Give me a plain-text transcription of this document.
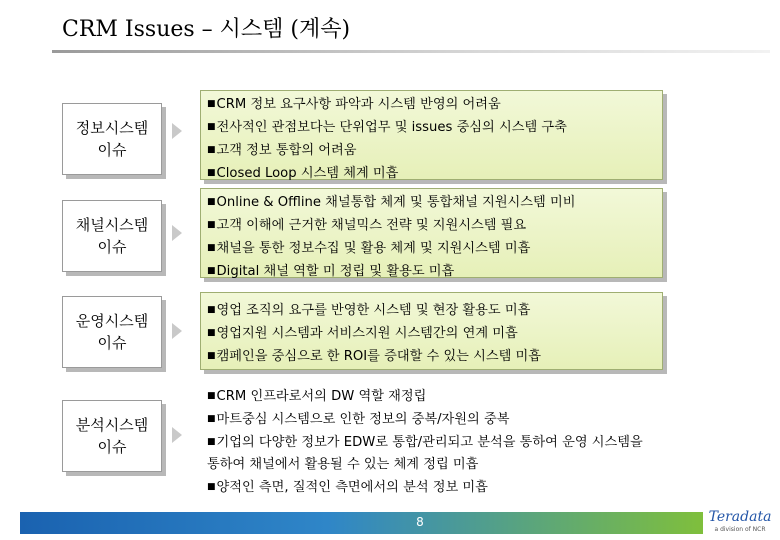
CRM Issues – 시스템 (계속)
정보시스템
이슈
■CRM 정보 요구사항 파악과 시스템 반영의 어려움
■전사적인 관점보다는 단위업무 및 issues 중심의 시스템 구축
■고객 정보 통합의 어려움
■Closed Loop 시스템 체계 미흡
채널시스템
이슈
■Online & Offline 채널통합 체계 및 통합채널 지원시스템 미비
■고객 이해에 근거한 채널믹스 전략 및 지원시스템 필요
■채널을 통한 정보수집 및 활용 체계 및 지원시스템 미흡
■Digital 채널 역할 미 정립 및 활용도 미흡
운영시스템
이슈
■영업 조직의 요구를 반영한 시스템 및 현장 활용도 미흡
■영업지원 시스템과 서비스지원 시스템간의 연계 미흡
■캠페인을 중심으로 한 ROI를 증대할 수 있는 시스템 미흡
분석시스템
이슈
■CRM 인프라로서의 DW 역할 재정립
■마트중심 시스템으로 인한 정보의 중복/자원의 중복
■기업의 다양한 정보가 EDW로 통합/관리되고 분석을 통하여 운영 시스템을 통하여 채널에서 활용될 수 있는 체계 정립 미흡
■양적인 측면, 질적인 측면에서의 분석 정보 미흡
8	Teradata
a division of NCR
